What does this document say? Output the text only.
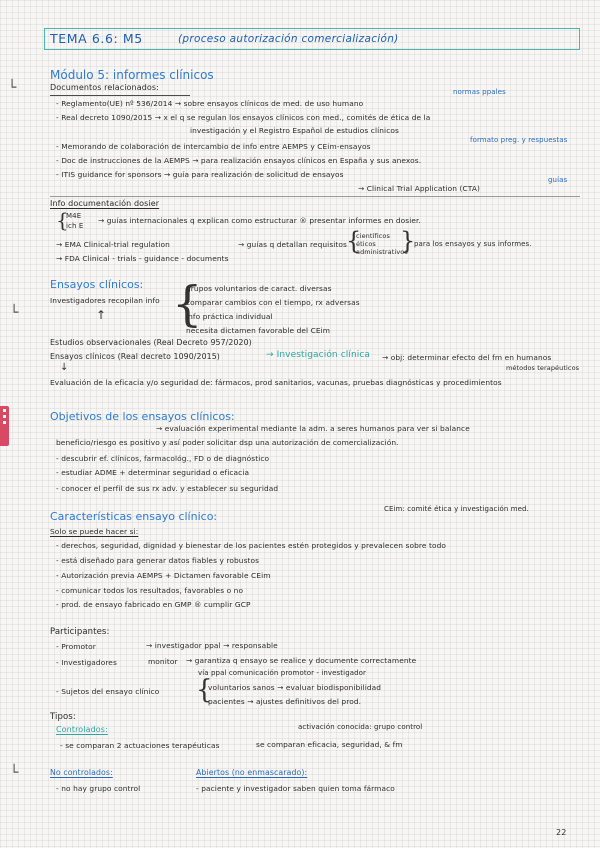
TEMA 6.6: M5	(proceso autorización comercialización)
└
└
└
Módulo 5: informes clínicos
Documentos relacionados:	normas ppales
- Reglamento(UE) nº 536/2014 → sobre ensayos clínicos de med. de uso humano
- Real decreto 1090/2015 → x el q se regulan los ensayos clínicos con med., comités de ética de la
investigación y el Registro Español de estudios clínicos
- Memorando de colaboración de intercambio de info entre AEMPS y CEim-ensayos
formato preg. y respuestas
- Doc de instrucciones de la AEMPS → para realización ensayos clínicos en España y sus anexos.
- ITIS guidance for sponsors → guía para realización de solicitud de ensayos
guías
→ Clinical Trial Application (CTA)
Info documentación dosier
{
M4E
ich E
→ guías internacionales q explican como estructurar ® presentar informes en dosier.
→ EMA Clinical-trial regulation	→ guías q detallan requisitos {
científicos
éticos
administrativos
}
para los ensayos y sus informes.
→ FDA Clinical - trials - guidance - documents
Ensayos clínicos:
Investigadores recopilan info {
grupos voluntarios de caract. diversas
comparar cambios con el tiempo, rx adversas
info práctica individual
necesita dictamen favorable del CEim
↑
Estudios observacionales (Real Decreto 957/2020)
Ensayos clínicos (Real decreto 1090/2015)	→ Investigación clínica → obj: determinar efecto del fm en humanos
↓	métodos terapéuticos
Evaluación de la eficacia y/o seguridad de: fármacos, prod sanitarios, vacunas, pruebas diagnósticas y procedimientos
Objetivos de los ensayos clínicos:
→ evaluación experimental mediante la adm. a seres humanos para ver si balance
beneficio/riesgo es positivo y así poder solicitar dsp una autorización de comercialización.
- descubrir ef. clínicos, farmacológ., FD o de diagnóstico
- estudiar ADME + determinar seguridad o eficacia
- conocer el perfil de sus rx adv. y establecer su seguridad
Características ensayo clínico:
CEim: comité ética y investigación med.
Solo se puede hacer si:
- derechos, seguridad, dignidad y bienestar de los pacientes estén protegidos y prevalecen sobre todo
- está diseñado para generar datos fiables y robustos
- Autorización previa AEMPS + Dictamen favorable CEim
- comunicar todos los resultados, favorables o no
- prod. de ensayo fabricado en GMP ® cumplir GCP
Participantes:
- Promotor	→ investigador ppal → responsable
- Investigadores	monitor → garantiza q ensayo se realice y documente correctamente
vía ppal comunicación promotor - investigador
- Sujetos del ensayo clínico {
voluntarios sanos → evaluar biodisponibilidad
pacientes → ajustes definitivos del prod.
Tipos:
Controlados:	activación conocida: grupo control
- se comparan 2 actuaciones terapéuticas	se comparan eficacia, seguridad, & fm
No controlados:	Abiertos (no enmascarado):
- no hay grupo control	- paciente y investigador saben quien toma fármaco
22
